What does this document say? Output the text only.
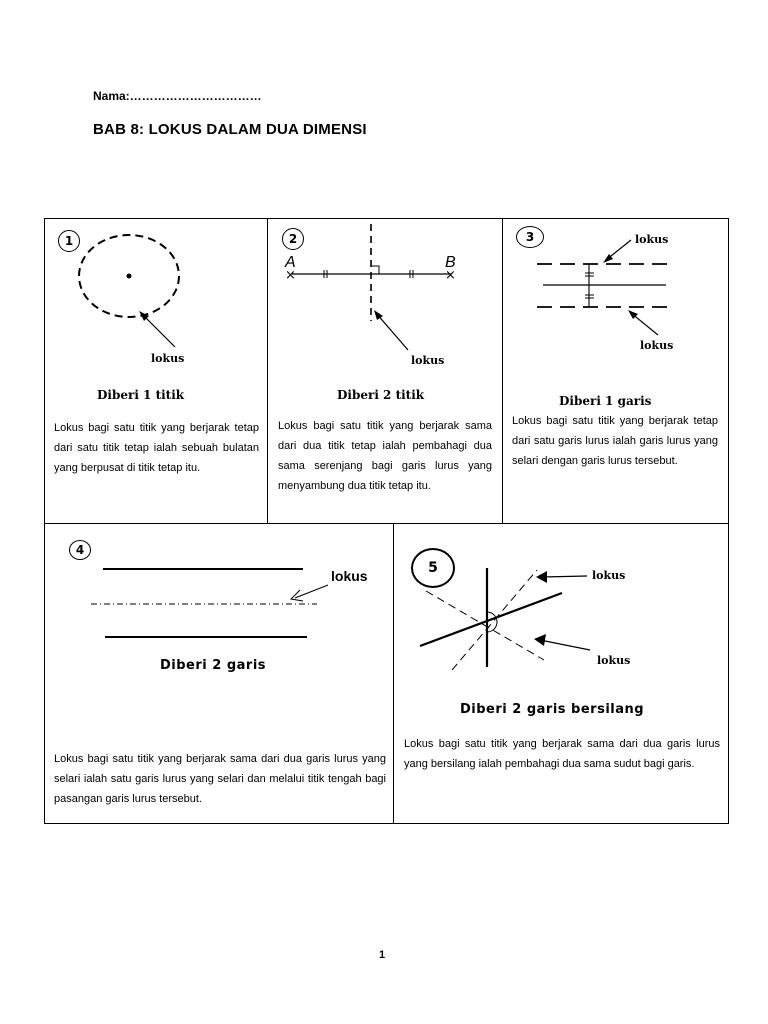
Nama:……………………………
BAB 8: LOKUS DALAM DUA DIMENSI
1
lokus
Diberi 1 titik

Lokus bagi satu titik yang berjarak tetap dari satu titik tetap ialah sebuah bulatan yang berpusat di titik tetap itu.

2
A	B
×	×
lokus
Diberi 2 titik

Lokus bagi satu titik yang berjarak sama dari dua titik tetap ialah pembahagi dua sama serenjang bagi garis lurus yang menyambung dua titik tetap itu.

3	lokus
lokus
Diberi 1 garis

Lokus bagi satu titik yang berjarak tetap dari satu garis lurus ialah garis lurus yang selari dengan garis lurus tersebut.

4
lokus
Diberi 2 garis

Lokus bagi satu titik yang berjarak sama dari dua garis lurus yang selari ialah satu garis lurus yang selari dan melalui titik tengah bagi pasangan garis lurus tersebut.

5	lokus
lokus
Diberi 2 garis bersilang

Lokus bagi satu titik yang berjarak sama dari dua garis lurus yang bersilang ialah pembahagi dua sama sudut bagi garis.

1
